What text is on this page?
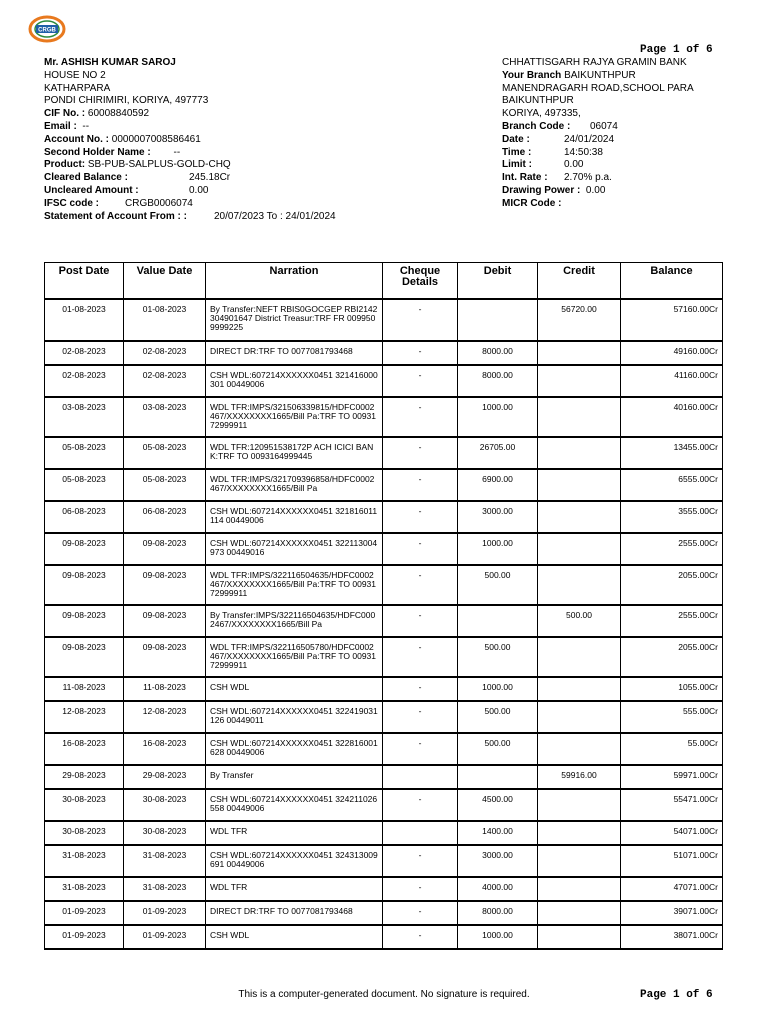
CRGB
Page 1 of 6
Mr. ASHISH KUMAR SAROJ
HOUSE NO 2
KATHARPARA
PONDI CHIRIMIRI, KORIYA, 497773
CIF No. : 60008840592
Email : --
Account No. : 0000007008586461
Second Holder Name : --
Product: SB-PUB-SALPLUS-GOLD-CHQ
Cleared Balance :	245.18Cr
Uncleared Amount :	0.00
IFSC code :	CRGB0006074
Statement of Account From : :	20/07/2023 To : 24/01/2024
CHHATTISGARH RAJYA GRAMIN BANK
Your Branch BAIKUNTHPUR
MANENDRAGARH ROAD,SCHOOL PARA
BAIKUNTHPUR
KORIYA, 497335,
Branch Code : 06074
Date :	24/01/2024
Time :	14:50:38
Limit :	0.00
Int. Rate : 2.70% p.a.
Drawing Power : 0.00
MICR Code :
Post Date	Value Date	Narration	Cheque
Details	Debit	Credit	Balance
01-08-2023	01-08-2023	By Transfer:NEFT RBIS0GOCGEP RBI2142304901647 District Treasur:TRF FR 0099509999225	-		56720.00	57160.00Cr
02-08-2023	02-08-2023	DIRECT DR:TRF TO 0077081793468	-	8000.00		49160.00Cr
02-08-2023	02-08-2023	CSH WDL:607214XXXXXX0451 321416000301 00449006	-	8000.00		41160.00Cr
03-08-2023	03-08-2023	WDL TFR:IMPS/321506339815/HDFC0002467/XXXXXXXX1665/Bill Pa:TRF TO 0093172999911	-	1000.00		40160.00Cr
05-08-2023	05-08-2023	WDL TFR:120951538172P ACH ICICI BANK:TRF TO 0093164999445	-	26705.00		13455.00Cr
05-08-2023	05-08-2023	WDL TFR:IMPS/321709396858/HDFC0002467/XXXXXXXX1665/Bill Pa	-	6900.00		6555.00Cr
06-08-2023	06-08-2023	CSH WDL:607214XXXXXX0451 321816011114 00449006	-	3000.00		3555.00Cr
09-08-2023	09-08-2023	CSH WDL:607214XXXXXX0451 322113004973 00449016	-	1000.00		2555.00Cr
09-08-2023	09-08-2023	WDL TFR:IMPS/322116504635/HDFC0002467/XXXXXXXX1665/Bill Pa:TRF TO 0093172999911	-	500.00		2055.00Cr
09-08-2023	09-08-2023	By Transfer:IMPS/322116504635/HDFC0002467/XXXXXXXX1665/Bill Pa	-		500.00	2555.00Cr
09-08-2023	09-08-2023	WDL TFR:IMPS/322116505780/HDFC0002467/XXXXXXXX1665/Bill Pa:TRF TO 0093172999911	-	500.00		2055.00Cr
11-08-2023	11-08-2023	CSH WDL	-	1000.00		1055.00Cr
12-08-2023	12-08-2023	CSH WDL:607214XXXXXX0451 322419031126 00449011	-	500.00		555.00Cr
16-08-2023	16-08-2023	CSH WDL:607214XXXXXX0451 322816001628 00449006	-	500.00		55.00Cr
29-08-2023	29-08-2023	By Transfer			59916.00	59971.00Cr
30-08-2023	30-08-2023	CSH WDL:607214XXXXXX0451 324211026558 00449006	-	4500.00		55471.00Cr
30-08-2023	30-08-2023	WDL TFR		1400.00		54071.00Cr
31-08-2023	31-08-2023	CSH WDL:607214XXXXXX0451 324313009691 00449006	-	3000.00		51071.00Cr
31-08-2023	31-08-2023	WDL TFR	-	4000.00		47071.00Cr
01-09-2023	01-09-2023	DIRECT DR:TRF TO 0077081793468	-	8000.00		39071.00Cr
01-09-2023	01-09-2023	CSH WDL	-	1000.00		38071.00Cr
This is a computer-generated document. No signature is required.	Page 1 of 6
